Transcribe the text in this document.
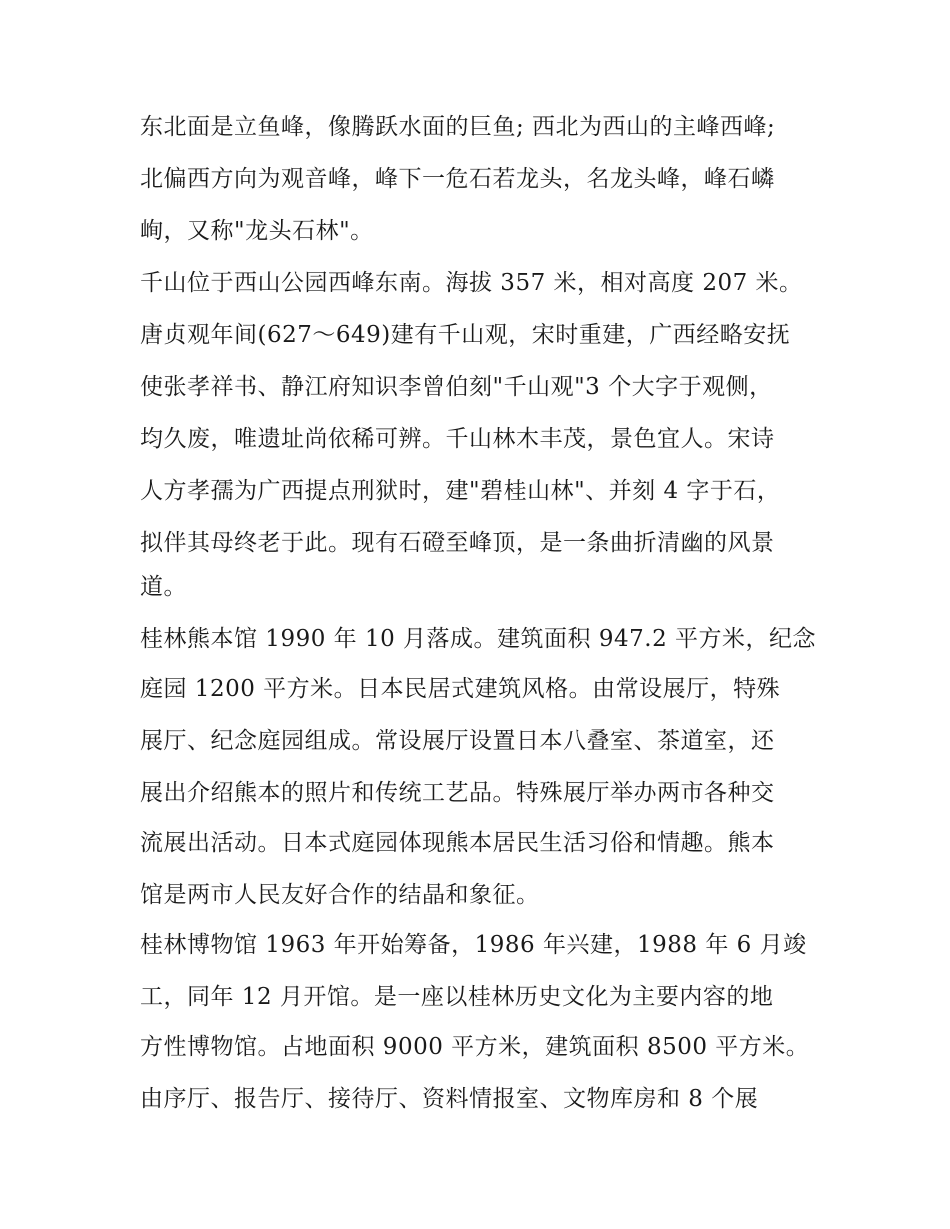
东北面是立鱼峰，像腾跃水面的巨鱼; 西北为西山的主峰西峰;
北偏西方向为观音峰，峰下一危石若龙头，名龙头峰，峰石嶙
峋，又称"龙头石林"。
千山位于西山公园西峰东南。海拔 357 米，相对高度 207 米。
唐贞观年间(627～649)建有千山观，宋时重建，广西经略安抚
使张孝祥书、静江府知识李曾伯刻"千山观"3 个大字于观侧，
均久废，唯遗址尚依稀可辨。千山林木丰茂，景色宜人。宋诗
人方孝孺为广西提点刑狱时，建"碧桂山林"、并刻 4 字于石，
拟伴其母终老于此。现有石磴至峰顶，是一条曲折清幽的风景
道。
桂林熊本馆 1990 年 10 月落成。建筑面积 947.2 平方米，纪念
庭园 1200 平方米。日本民居式建筑风格。由常设展厅，特殊
展厅、纪念庭园组成。常设展厅设置日本八叠室、茶道室，还
展出介绍熊本的照片和传统工艺品。特殊展厅举办两市各种交
流展出活动。日本式庭园体现熊本居民生活习俗和情趣。熊本
馆是两市人民友好合作的结晶和象征。
桂林博物馆 1963 年开始筹备，1986 年兴建，1988 年 6 月竣
工，同年 12 月开馆。是一座以桂林历史文化为主要内容的地
方性博物馆。占地面积 9000 平方米，建筑面积 8500 平方米。
由序厅、报告厅、接待厅、资料情报室、文物库房和 8 个展
